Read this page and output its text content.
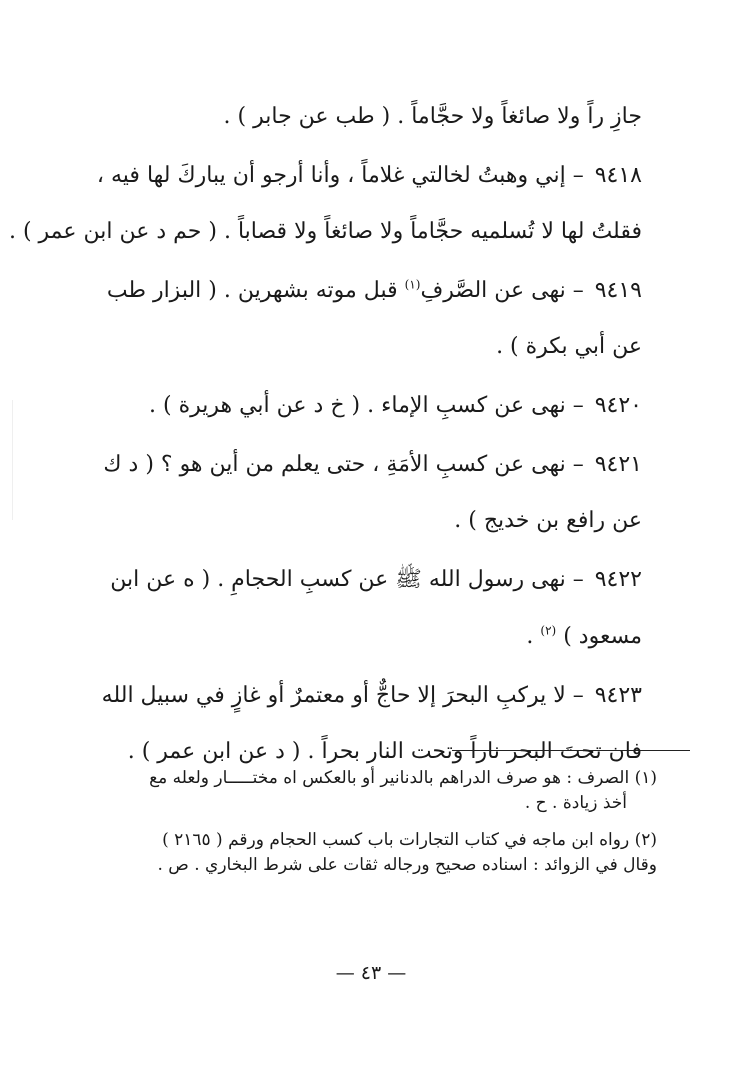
جازِ راً ولا صائغاً ولا حجَّاماً . ( طب عن جابر ) .
٩٤١٨ – إني وهبتُ لخالتي غلاماً ، وأنا أرجو أن يباركَ لها فيه ،
فقلتُ لها لا تُسلميه حجَّاماً ولا صائغاً ولا قصاباً . ( حم د عن ابن عمر ) .
٩٤١٩ – نهى عن الصَّرفِ$^{(١)}$ قبل موته بشهرين . ( البزار طب
عن أبي بكرة ) .
٩٤٢٠ – نهى عن كسبِ الإماء . ( خ د عن أبي هريرة ) .
٩٤٢١ – نهى عن كسبِ الأمَةِ ، حتى يعلم من أين هو ؟ ( د ك
عن رافع بن خديج ) .
٩٤٢٢ – نهى رسول الله ﷺ عن كسبِ الحجامِ . ( ه عن ابن
مسعود ) $^{(٢)}$ .
٩٤٢٣ – لا يركبِ البحرَ إلا حاجٌّ أو معتمرٌ أو غازٍ في سبيل الله
فان تحتَ البحر ناراً وتحت النار بحراً . ( د عن ابن عمر ) .
(١) الصرف : هو صرف الدراهم بالدنانير أو بالعكس اه مختـــــار ولعله مع
أخذ زيادة . ح .
(٢) رواه ابن ماجه في كتاب التجارات باب كسب الحجام ورقم ( ٢١٦٥ )
وقال في الزوائد : اسناده صحيح ورجاله ثقات على شرط البخاري . ص .
— ٤٣ —
